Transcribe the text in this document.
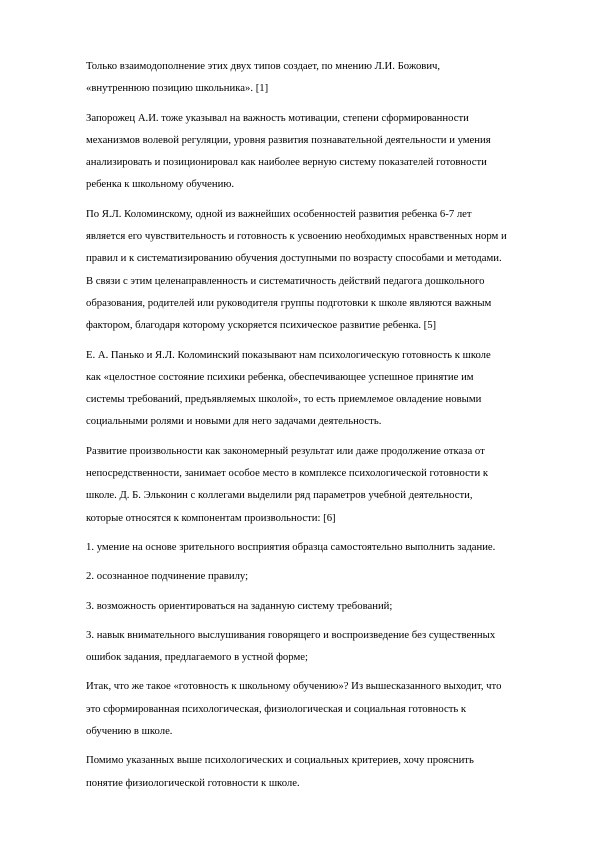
Только взаимодополнение этих двух типов создает, по мнению Л.И. Божович,
«внутреннюю позицию школьника». [1]

Запорожец А.И. тоже указывал на важность мотивации, степени сформированности
механизмов волевой регуляции, уровня развития познавательной деятельности и умения
анализировать и позиционировал как наиболее верную систему показателей готовности
ребенка к школьному обучению.

По Я.Л. Коломинскому, одной из важнейших особенностей развития ребенка 6-7 лет
является его чувствительность и готовность к усвоению необходимых нравственных норм и
правил и к систематизированию обучения доступными по возрасту способами и методами.
В связи с этим целенаправленность и систематичность действий педагога дошкольного
образования, родителей или руководителя группы подготовки к школе являются важным
фактором, благодаря которому ускоряется психическое развитие ребенка. [5]

Е. А. Панько и Я.Л. Коломинский показывают нам психологическую готовность к школе
как «целостное состояние психики ребенка, обеспечивающее успешное принятие им
системы требований, предъявляемых школой», то есть приемлемое овладение новыми
социальными ролями и новыми для него задачами деятельность.

Развитие произвольности как закономерный результат или даже продолжение отказа от
непосредственности, занимает особое место в комплексе психологической готовности к
школе. Д. Б. Эльконин с коллегами выделили ряд параметров учебной деятельности,
которые относятся к компонентам произвольности: [6]

1. умение на основе зрительного восприятия образца самостоятельно выполнить задание.

2. осознанное подчинение правилу;

3. возможность ориентироваться на заданную систему требований;

3. навык внимательного выслушивания говорящего и воспроизведение без существенных
ошибок задания, предлагаемого в устной форме;

Итак, что же такое «готовность к школьному обучению»? Из вышесказанного выходит, что
это сформированная психологическая, физиологическая и социальная готовность к
обучению в школе.

Помимо указанных выше психологических и социальных критериев, хочу прояснить
понятие физиологической готовности к школе.
